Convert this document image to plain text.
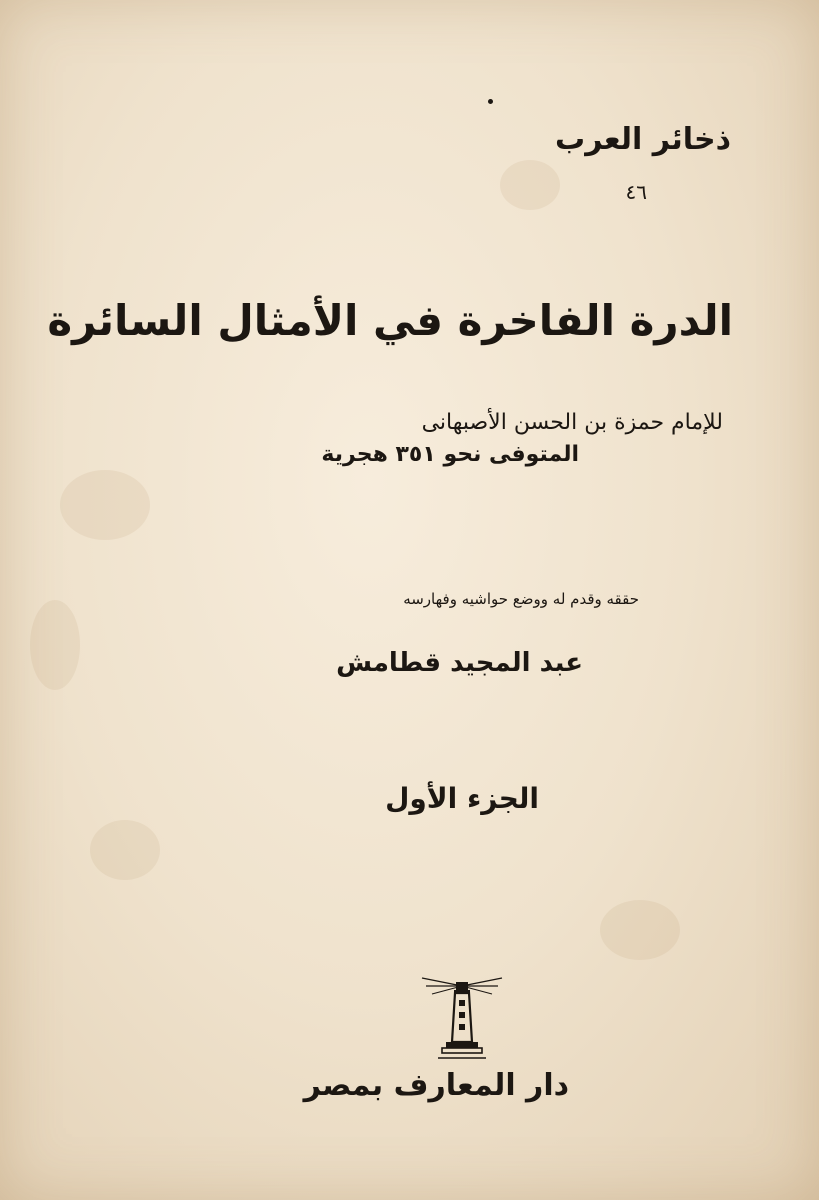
ذخائر العرب
٤٦
الدرة الفاخرة في الأمثال السائرة
للإمام حمزة بن الحسن الأصبهانى
المتوفى نحو ٣٥١ هجرية
حققه وقدم له ووضع حواشيه وفهارسه
عبد المجيد قطامش
الجزء الأول
دار المعارف بمصر
